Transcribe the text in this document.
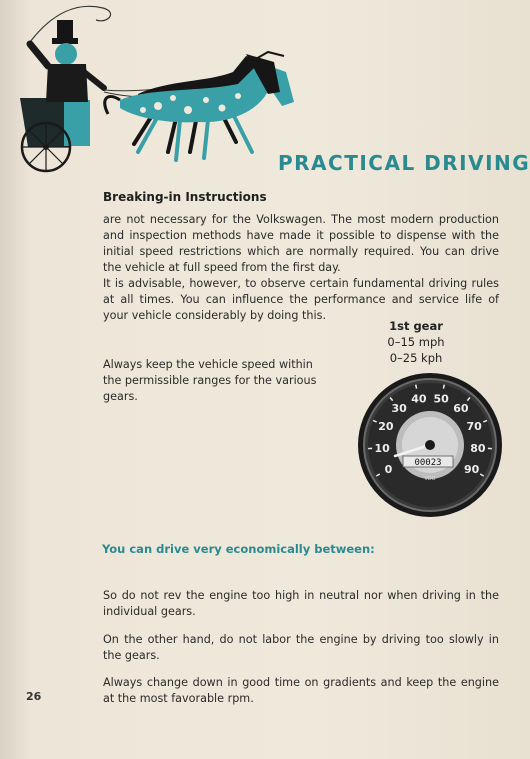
PRACTICAL DRIVING
Breaking-in Instructions
are not necessary for the Volkswagen. The most modern production and inspection methods have made it possible to dispense with the initial speed restrictions which are normally required. You can drive the vehicle at full speed from the first day.
It is advisable, however, to observe certain fundamental driving rules at all times. You can influence the performance and service life of your vehicle considerably by doing this.
1st gear
0–15 mph
0–25 kph
Always keep the vehicle speed within the permissible ranges for the various gears.
0
10
20
30
40 50
60
70
80
90
00023
VDO
You can drive very economically between:
So do not rev the engine too high in neutral nor when driving in the individual gears.
On the other hand, do not labor the engine by driving too slowly in the gears.
Always change down in good time on gradients and keep the engine at the most favorable rpm.
26
